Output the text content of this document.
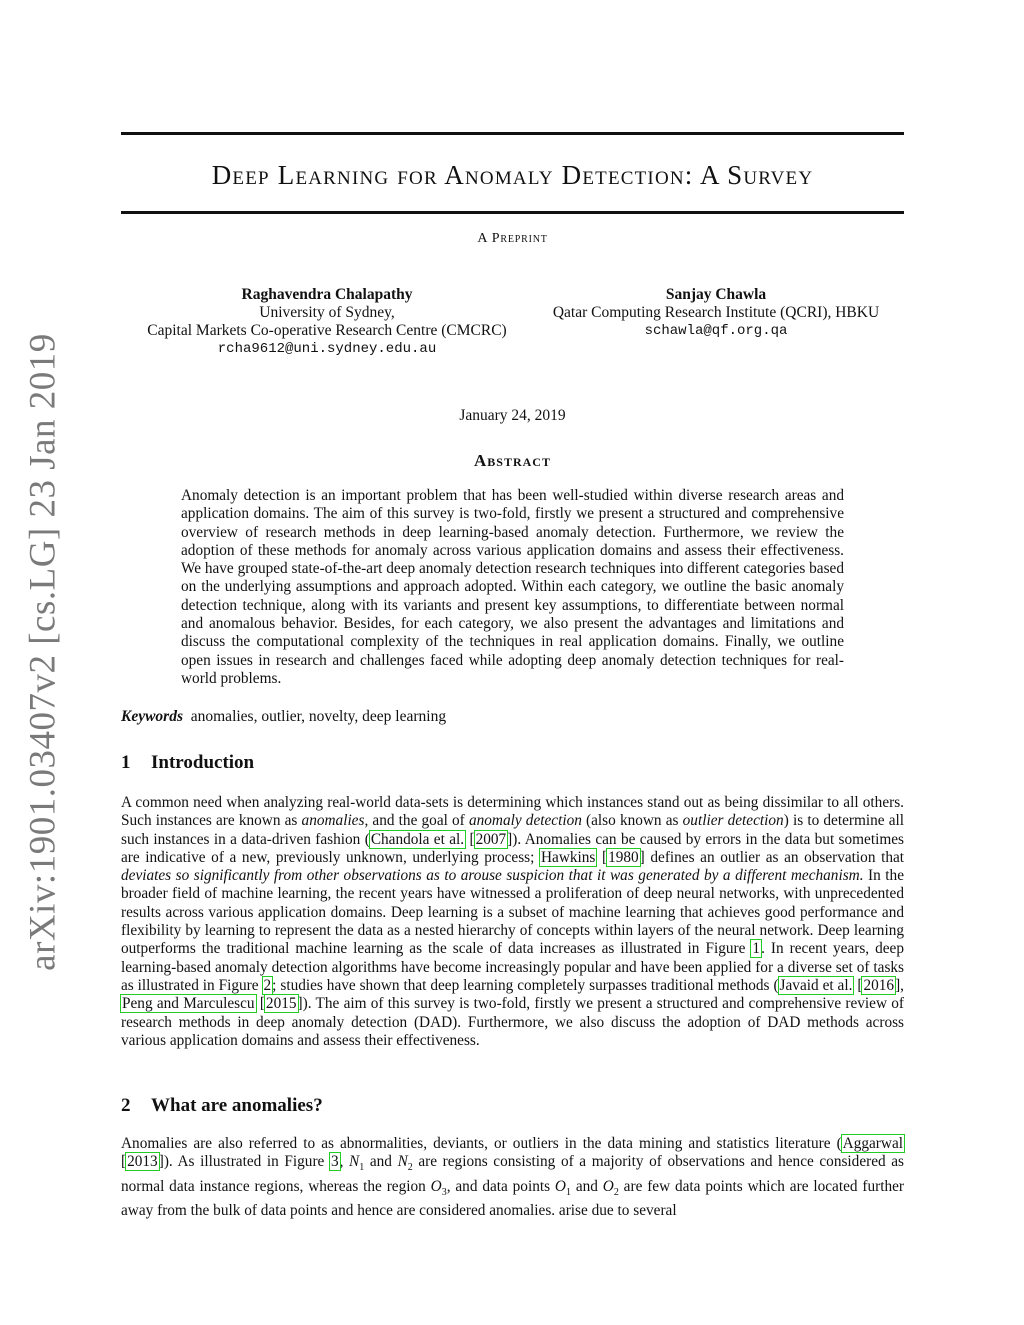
arXiv:1901.03407v2 [cs.LG] 23 Jan 2019
Deep Learning for Anomaly Detection: A Survey
A Preprint
Raghavendra Chalapathy
University of Sydney,
Capital Markets Co-operative Research Centre (CMCRC)
rcha9612@uni.sydney.edu.au
Sanjay Chawla
Qatar Computing Research Institute (QCRI), HBKU
schawla@qf.org.qa
January 24, 2019
Abstract
Anomaly detection is an important problem that has been well-studied within diverse research areas and application domains. The aim of this survey is two-fold, firstly we present a structured and comprehensive overview of research methods in deep learning-based anomaly detection. Furthermore, we review the adoption of these methods for anomaly across various application domains and assess their effectiveness. We have grouped state-of-the-art deep anomaly detection research techniques into different categories based on the underlying assumptions and approach adopted. Within each category, we outline the basic anomaly detection technique, along with its variants and present key assumptions, to differentiate between normal and anomalous behavior. Besides, for each category, we also present the advantages and limitations and discuss the computational complexity of the techniques in real application domains. Finally, we outline open issues in research and challenges faced while adopting deep anomaly detection techniques for real-world problems.
Keywords anomalies, outlier, novelty, deep learning
1 Introduction
A common need when analyzing real-world data-sets is determining which instances stand out as being dissimilar to all others. Such instances are known as anomalies, and the goal of anomaly detection (also known as outlier detection) is to determine all such instances in a data-driven fashion (Chandola et al. [2007]). Anomalies can be caused by errors in the data but sometimes are indicative of a new, previously unknown, underlying process; Hawkins [1980] defines an outlier as an observation that deviates so significantly from other observations as to arouse suspicion that it was generated by a different mechanism. In the broader field of machine learning, the recent years have witnessed a proliferation of deep neural networks, with unprecedented results across various application domains. Deep learning is a subset of machine learning that achieves good performance and flexibility by learning to represent the data as a nested hierarchy of concepts within layers of the neural network. Deep learning outperforms the traditional machine learning as the scale of data increases as illustrated in Figure 1. In recent years, deep learning-based anomaly detection algorithms have become increasingly popular and have been applied for a diverse set of tasks as illustrated in Figure 2; studies have shown that deep learning completely surpasses traditional methods (Javaid et al. [2016], Peng and Marculescu [2015]). The aim of this survey is two-fold, firstly we present a structured and comprehensive review of research methods in deep anomaly detection (DAD). Furthermore, we also discuss the adoption of DAD methods across various application domains and assess their effectiveness.
2 What are anomalies?
Anomalies are also referred to as abnormalities, deviants, or outliers in the data mining and statistics literature (Aggarwal [2013]). As illustrated in Figure 3, $N_1$ and $N_2$ are regions consisting of a majority of observations and hence considered as normal data instance regions, whereas the region $O_3$, and data points $O_1$ and $O_2$ are few data points which are located further away from the bulk of data points and hence are considered anomalies. arise due to several
